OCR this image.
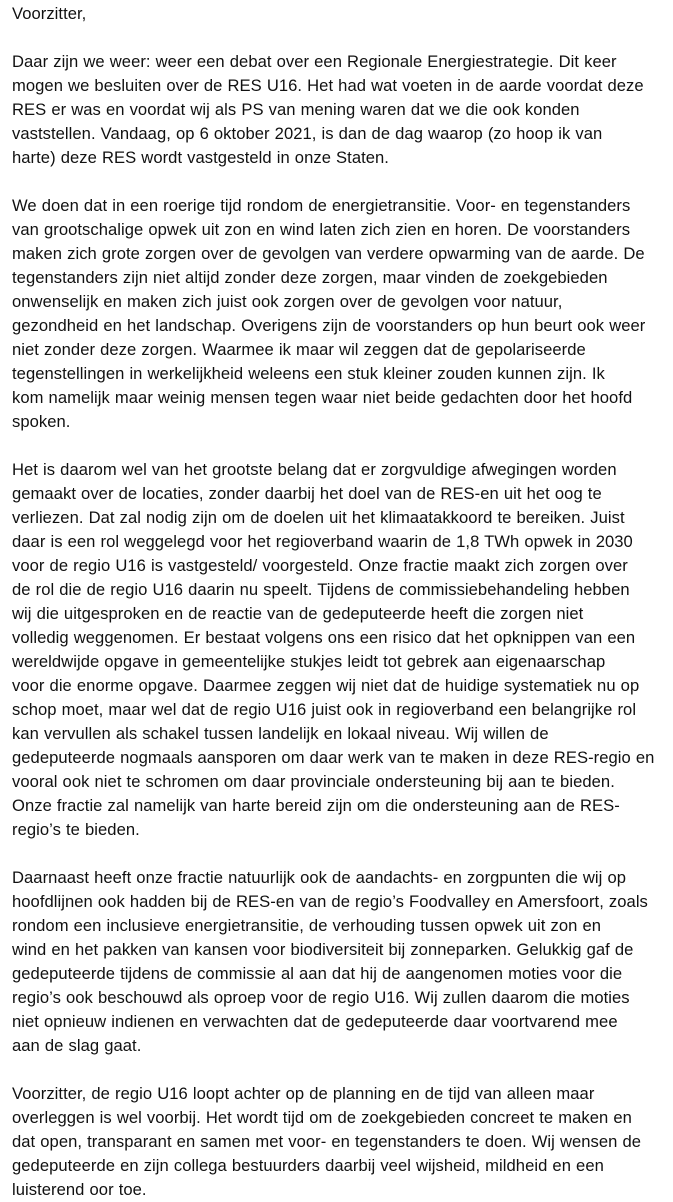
Voorzitter,
Daar zijn we weer: weer een debat over een Regionale Energiestrategie. Dit keer
mogen we besluiten over de RES U16. Het had wat voeten in de aarde voordat deze
RES er was en voordat wij als PS van mening waren dat we die ook konden
vaststellen. Vandaag, op 6 oktober 2021, is dan de dag waarop (zo hoop ik van
harte) deze RES wordt vastgesteld in onze Staten.
We doen dat in een roerige tijd rondom de energietransitie. Voor- en tegenstanders
van grootschalige opwek uit zon en wind laten zich zien en horen. De voorstanders
maken zich grote zorgen over de gevolgen van verdere opwarming van de aarde. De
tegenstanders zijn niet altijd zonder deze zorgen, maar vinden de zoekgebieden
onwenselijk en maken zich juist ook zorgen over de gevolgen voor natuur,
gezondheid en het landschap. Overigens zijn de voorstanders op hun beurt ook weer
niet zonder deze zorgen. Waarmee ik maar wil zeggen dat de gepolariseerde
tegenstellingen in werkelijkheid weleens een stuk kleiner zouden kunnen zijn. Ik
kom namelijk maar weinig mensen tegen waar niet beide gedachten door het hoofd
spoken.
Het is daarom wel van het grootste belang dat er zorgvuldige afwegingen worden
gemaakt over de locaties, zonder daarbij het doel van de RES-en uit het oog te
verliezen. Dat zal nodig zijn om de doelen uit het klimaatakkoord te bereiken. Juist
daar is een rol weggelegd voor het regioverband waarin de 1,8 TWh opwek in 2030
voor de regio U16 is vastgesteld/ voorgesteld. Onze fractie maakt zich zorgen over
de rol die de regio U16 daarin nu speelt. Tijdens de commissiebehandeling hebben
wij die uitgesproken en de reactie van de gedeputeerde heeft die zorgen niet
volledig weggenomen. Er bestaat volgens ons een risico dat het opknippen van een
wereldwijde opgave in gemeentelijke stukjes leidt tot gebrek aan eigenaarschap
voor die enorme opgave. Daarmee zeggen wij niet dat de huidige systematiek nu op
schop moet, maar wel dat de regio U16 juist ook in regioverband een belangrijke rol
kan vervullen als schakel tussen landelijk en lokaal niveau. Wij willen de
gedeputeerde nogmaals aansporen om daar werk van te maken in deze RES-regio en
vooral ook niet te schromen om daar provinciale ondersteuning bij aan te bieden.
Onze fractie zal namelijk van harte bereid zijn om die ondersteuning aan de RES-
regio’s te bieden.
Daarnaast heeft onze fractie natuurlijk ook de aandachts- en zorgpunten die wij op
hoofdlijnen ook hadden bij de RES-en van de regio’s Foodvalley en Amersfoort, zoals
rondom een inclusieve energietransitie, de verhouding tussen opwek uit zon en
wind en het pakken van kansen voor biodiversiteit bij zonneparken. Gelukkig gaf de
gedeputeerde tijdens de commissie al aan dat hij de aangenomen moties voor die
regio’s ook beschouwd als oproep voor de regio U16. Wij zullen daarom die moties
niet opnieuw indienen en verwachten dat de gedeputeerde daar voortvarend mee
aan de slag gaat.
Voorzitter, de regio U16 loopt achter op de planning en de tijd van alleen maar
overleggen is wel voorbij. Het wordt tijd om de zoekgebieden concreet te maken en
dat open, transparant en samen met voor- en tegenstanders te doen. Wij wensen de
gedeputeerde en zijn collega bestuurders daarbij veel wijsheid, mildheid en een
luisterend oor toe.
